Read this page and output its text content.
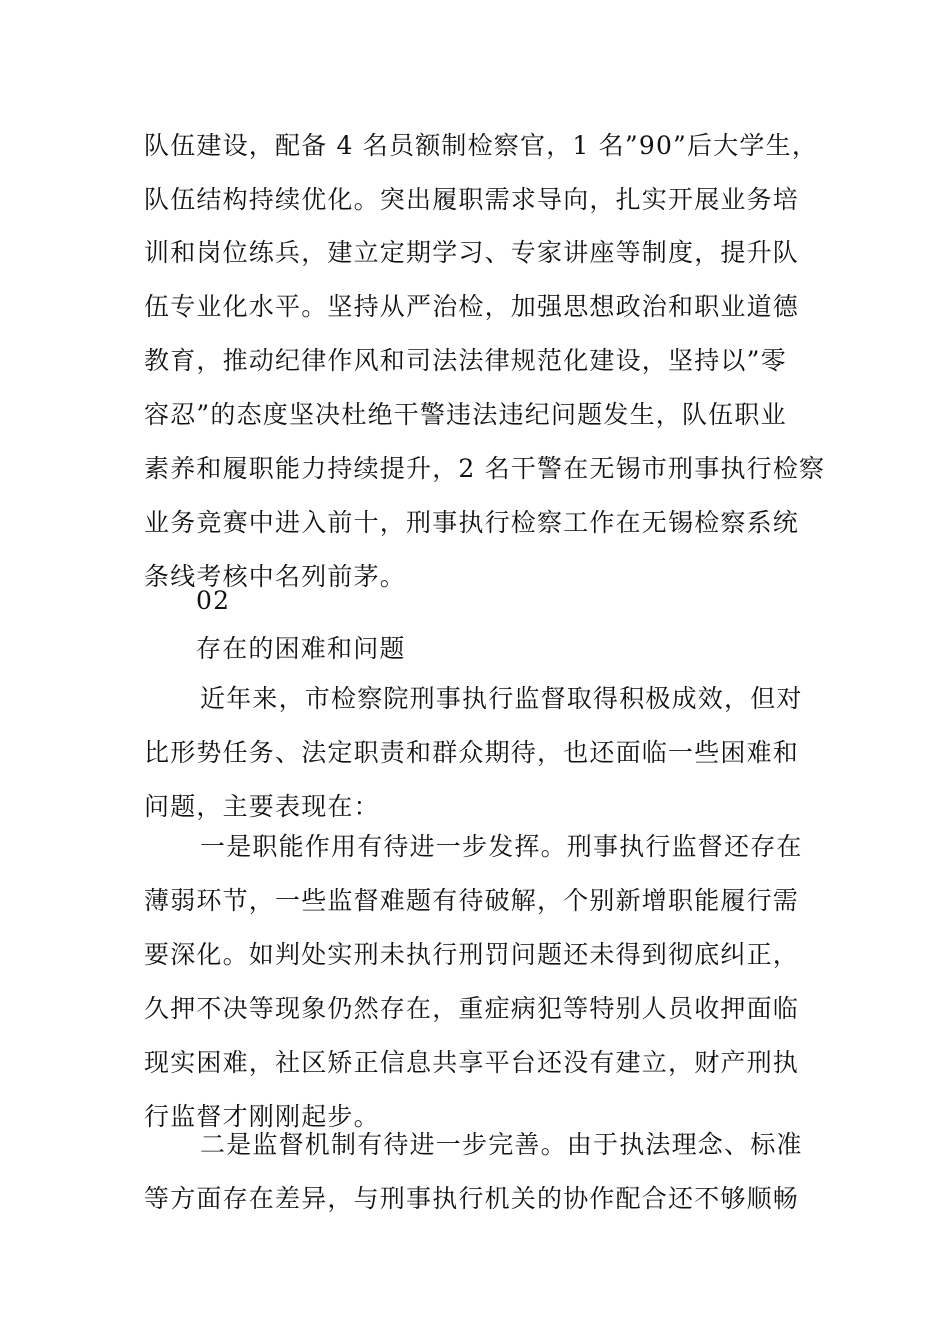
队伍建设，配备 4 名员额制检察官，1 名”90”后大学生，
队伍结构持续优化。突出履职需求导向，扎实开展业务培
训和岗位练兵，建立定期学习、专家讲座等制度，提升队
伍专业化水平。坚持从严治检，加强思想政治和职业道德
教育，推动纪律作风和司法法律规范化建设，坚持以”零
容忍”的态度坚决杜绝干警违法违纪问题发生，队伍职业
素养和履职能力持续提升，2 名干警在无锡市刑事执行检察
业务竞赛中进入前十，刑事执行检察工作在无锡检察系统
条线考核中名列前茅。
02
存在的困难和问题
近年来，市检察院刑事执行监督取得积极成效，但对
比形势任务、法定职责和群众期待，也还面临一些困难和
问题，主要表现在：
一是职能作用有待进一步发挥。刑事执行监督还存在
薄弱环节，一些监督难题有待破解，个别新增职能履行需
要深化。如判处实刑未执行刑罚问题还未得到彻底纠正，
久押不决等现象仍然存在，重症病犯等特别人员收押面临
现实困难，社区矫正信息共享平台还没有建立，财产刑执
行监督才刚刚起步。
二是监督机制有待进一步完善。由于执法理念、标准
等方面存在差异，与刑事执行机关的协作配合还不够顺畅
